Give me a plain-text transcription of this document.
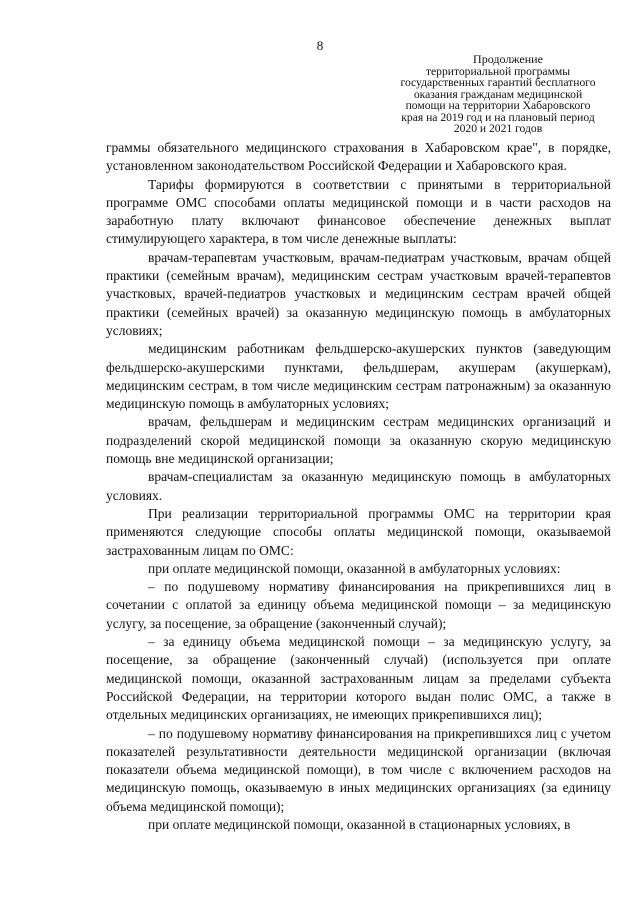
8
Продолжение
территориальной программы
государственных гарантий бесплатного
оказания гражданам медицинской
помощи на территории Хабаровского
края на 2019 год и на плановый период
2020 и 2021 годов

граммы обязательного медицинского страхования в Хабаровском крае", в порядке, установленном законодательством Российской Федерации и Хабаровского края.

Тарифы формируются в соответствии с принятыми в территориальной программе ОМС способами оплаты медицинской помощи и в части расходов на заработную плату включают финансовое обеспечение денежных выплат стимулирующего характера, в том числе денежные выплаты:

врачам-терапевтам участковым, врачам-педиатрам участковым, врачам общей практики (семейным врачам), медицинским сестрам участковым врачей-терапевтов участковых, врачей-педиатров участковых и медицинским сестрам врачей общей практики (семейных врачей) за оказанную медицинскую помощь в амбулаторных условиях;

медицинским работникам фельдшерско-акушерских пунктов (заведующим фельдшерско-акушерскими пунктами, фельдшерам, акушерам (акушеркам), медицинским сестрам, в том числе медицинским сестрам патронажным) за оказанную медицинскую помощь в амбулаторных условиях;

врачам, фельдшерам и медицинским сестрам медицинских организаций и подразделений скорой медицинской помощи за оказанную скорую медицинскую помощь вне медицинской организации;

врачам-специалистам за оказанную медицинскую помощь в амбулаторных условиях.

При реализации территориальной программы ОМС на территории края применяются следующие способы оплаты медицинской помощи, оказываемой застрахованным лицам по ОМС:

при оплате медицинской помощи, оказанной в амбулаторных условиях:

– по подушевому нормативу финансирования на прикрепившихся лиц в сочетании с оплатой за единицу объема медицинской помощи – за медицинскую услугу, за посещение, за обращение (законченный случай);

– за единицу объема медицинской помощи – за медицинскую услугу, за посещение, за обращение (законченный случай) (используется при оплате медицинской помощи, оказанной застрахованным лицам за пределами субъекта Российской Федерации, на территории которого выдан полис ОМС, а также в отдельных медицинских организациях, не имеющих прикрепившихся лиц);

– по подушевому нормативу финансирования на прикрепившихся лиц с учетом показателей результативности деятельности медицинской организации (включая показатели объема медицинской помощи), в том числе с включением расходов на медицинскую помощь, оказываемую в иных медицинских организациях (за единицу объема медицинской помощи);

при оплате медицинской помощи, оказанной в стационарных условиях, в
